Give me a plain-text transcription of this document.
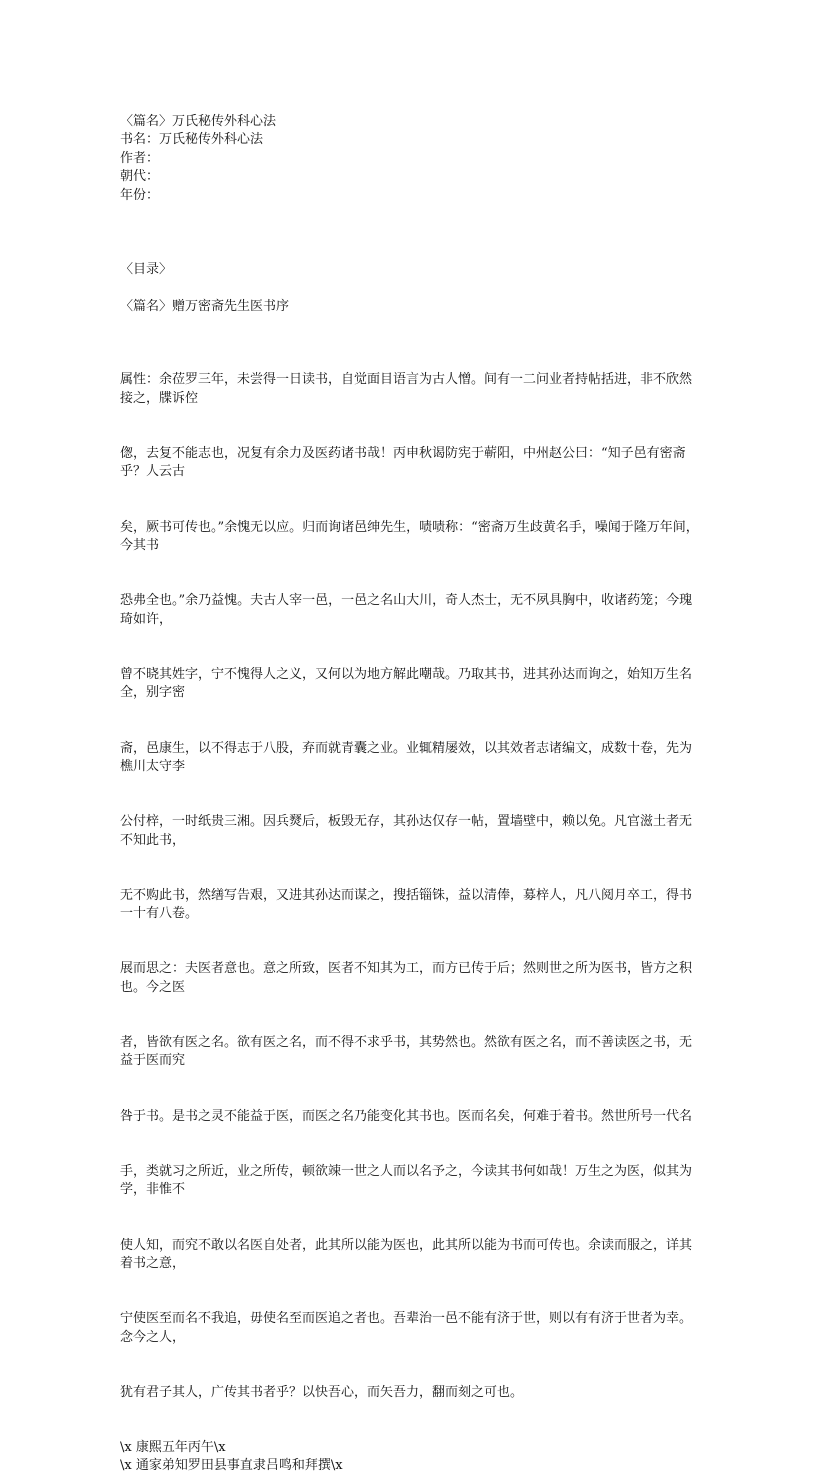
〈篇名〉万氏秘传外科心法
书名：万氏秘传外科心法
作者：
朝代：
年份：
〈目录〉
〈篇名〉赠万密斋先生医书序

属性：余莅罗三年，未尝得一日读书，自觉面目语言为古人憎。间有一二问业者持帖括进，非不欣然接之，牒诉倥

偬，去复不能志也，况复有余力及医药诸书哉！丙申秋谒防宪于蕲阳，中州赵公曰：“知子邑有密斋乎？人云古

矣，厥书可传也。”余愧无以应。归而询诸邑绅先生，啧啧称：“密斋万生歧黄名手，噪闻于隆万年间，今其书

恐弗全也。”余乃益愧。夫古人宰一邑，一邑之名山大川，奇人杰士，无不夙具胸中，收诸药笼；今瑰琦如许，

曾不晓其姓字，宁不愧得人之义，又何以为地方解此嘲哉。乃取其书，进其孙达而询之，始知万生名全，别字密

斋，邑康生，以不得志于八股，弃而就青囊之业。业辄精屡效，以其效者志诸编文，成数十卷，先为樵川太守李

公付梓，一时纸贵三湘。因兵燹后，板毁无存，其孙达仅存一帖，置墙壁中，赖以免。凡官滋土者无不知此书，

无不购此书，然缮写告艰，又进其孙达而谋之，搜括锱铢，益以清俸，募梓人，凡八阅月卒工，得书一十有八卷。

展而思之：夫医者意也。意之所致，医者不知其为工，而方已传于后；然则世之所为医书，皆方之积也。今之医

者，皆欲有医之名。欲有医之名，而不得不求乎书，其势然也。然欲有医之名，而不善读医之书，无益于医而究

咎于书。是书之灵不能益于医，而医之名乃能变化其书也。医而名矣，何难于着书。然世所号一代名

手，类就习之所近，业之所传，顿欲竦一世之人而以名予之，今读其书何如哉！万生之为医，似其为学，非惟不

使人知，而究不敢以名医自处者，此其所以能为医也，此其所以能为书而可传也。余读而服之，详其着书之意，

宁使医至而名不我追，毋使名至而医追之者也。吾辈治一邑不能有济于世，则以有有济于世者为幸。念今之人，

犹有君子其人，广传其书者乎？以快吾心，而矢吾力，翻而刻之可也。

\x 康熙五年丙午\x
\x 通家弟知罗田县事直隶吕鸣和拜撰\x
